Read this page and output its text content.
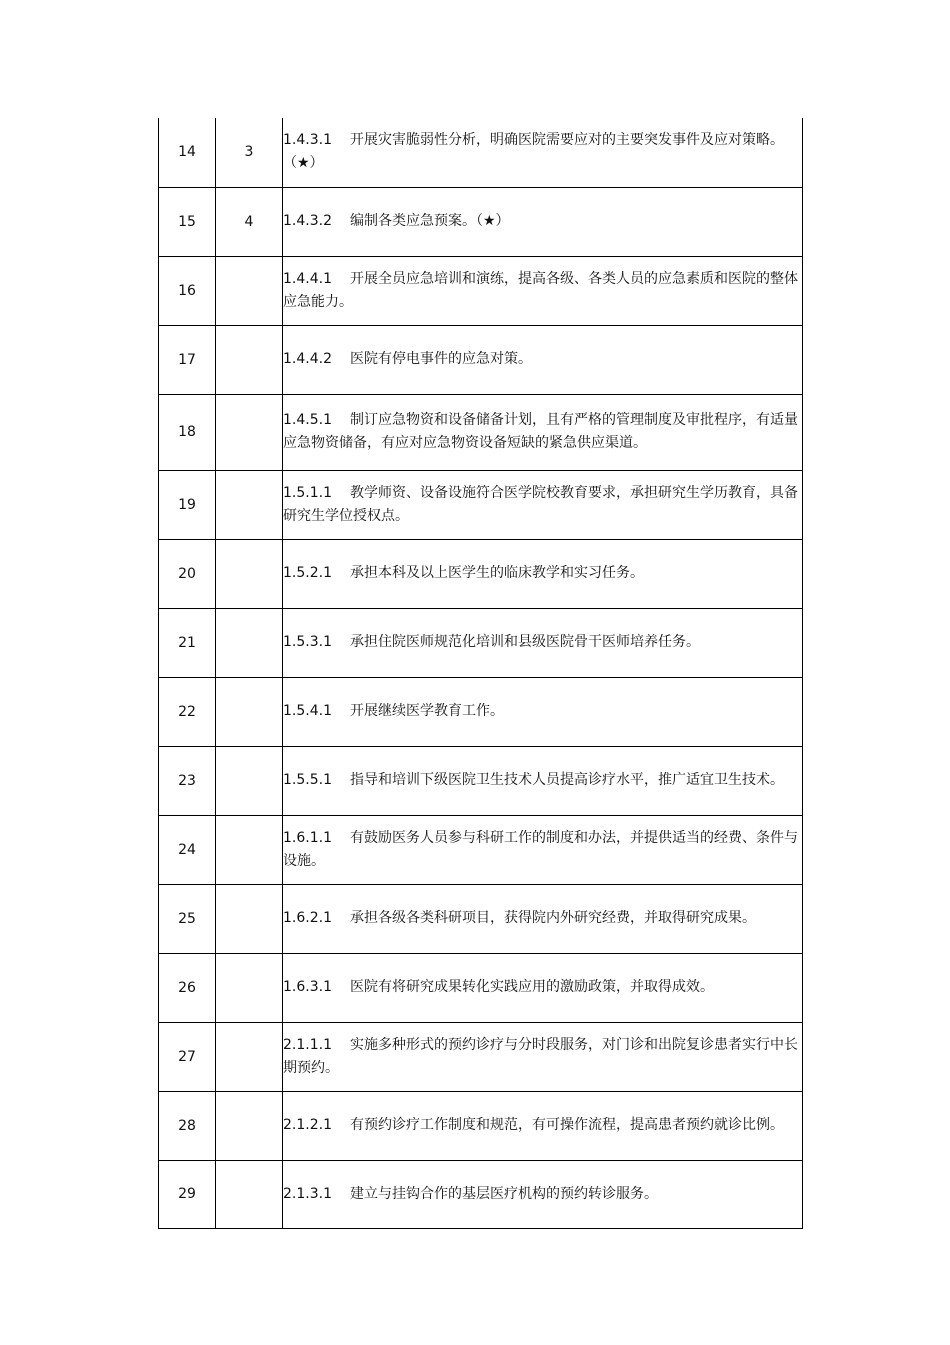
14	3	1.4.3.1 开展灾害脆弱性分析，明确医院需要应对的主要突发事件及应对策略。（★）
15	4	1.4.3.2 编制各类应急预案。（★）
16		1.4.4.1 开展全员应急培训和演练，提高各级、各类人员的应急素质和医院的整体应急能力。
17		1.4.4.2 医院有停电事件的应急对策。
18		1.4.5.1 制订应急物资和设备储备计划，且有严格的管理制度及审批程序，有适量应急物资储备，有应对应急物资设备短缺的紧急供应渠道。
19		1.5.1.1 教学师资、设备设施符合医学院校教育要求，承担研究生学历教育，具备研究生学位授权点。
20		1.5.2.1 承担本科及以上医学生的临床教学和实习任务。
21		1.5.3.1 承担住院医师规范化培训和县级医院骨干医师培养任务。
22		1.5.4.1 开展继续医学教育工作。
23		1.5.5.1 指导和培训下级医院卫生技术人员提高诊疗水平，推广适宜卫生技术。
24		1.6.1.1 有鼓励医务人员参与科研工作的制度和办法，并提供适当的经费、条件与设施。
25		1.6.2.1 承担各级各类科研项目，获得院内外研究经费，并取得研究成果。
26		1.6.3.1 医院有将研究成果转化实践应用的激励政策，并取得成效。
27		2.1.1.1 实施多种形式的预约诊疗与分时段服务，对门诊和出院复诊患者实行中长期预约。
28		2.1.2.1 有预约诊疗工作制度和规范，有可操作流程，提高患者预约就诊比例。
29		2.1.3.1 建立与挂钩合作的基层医疗机构的预约转诊服务。
